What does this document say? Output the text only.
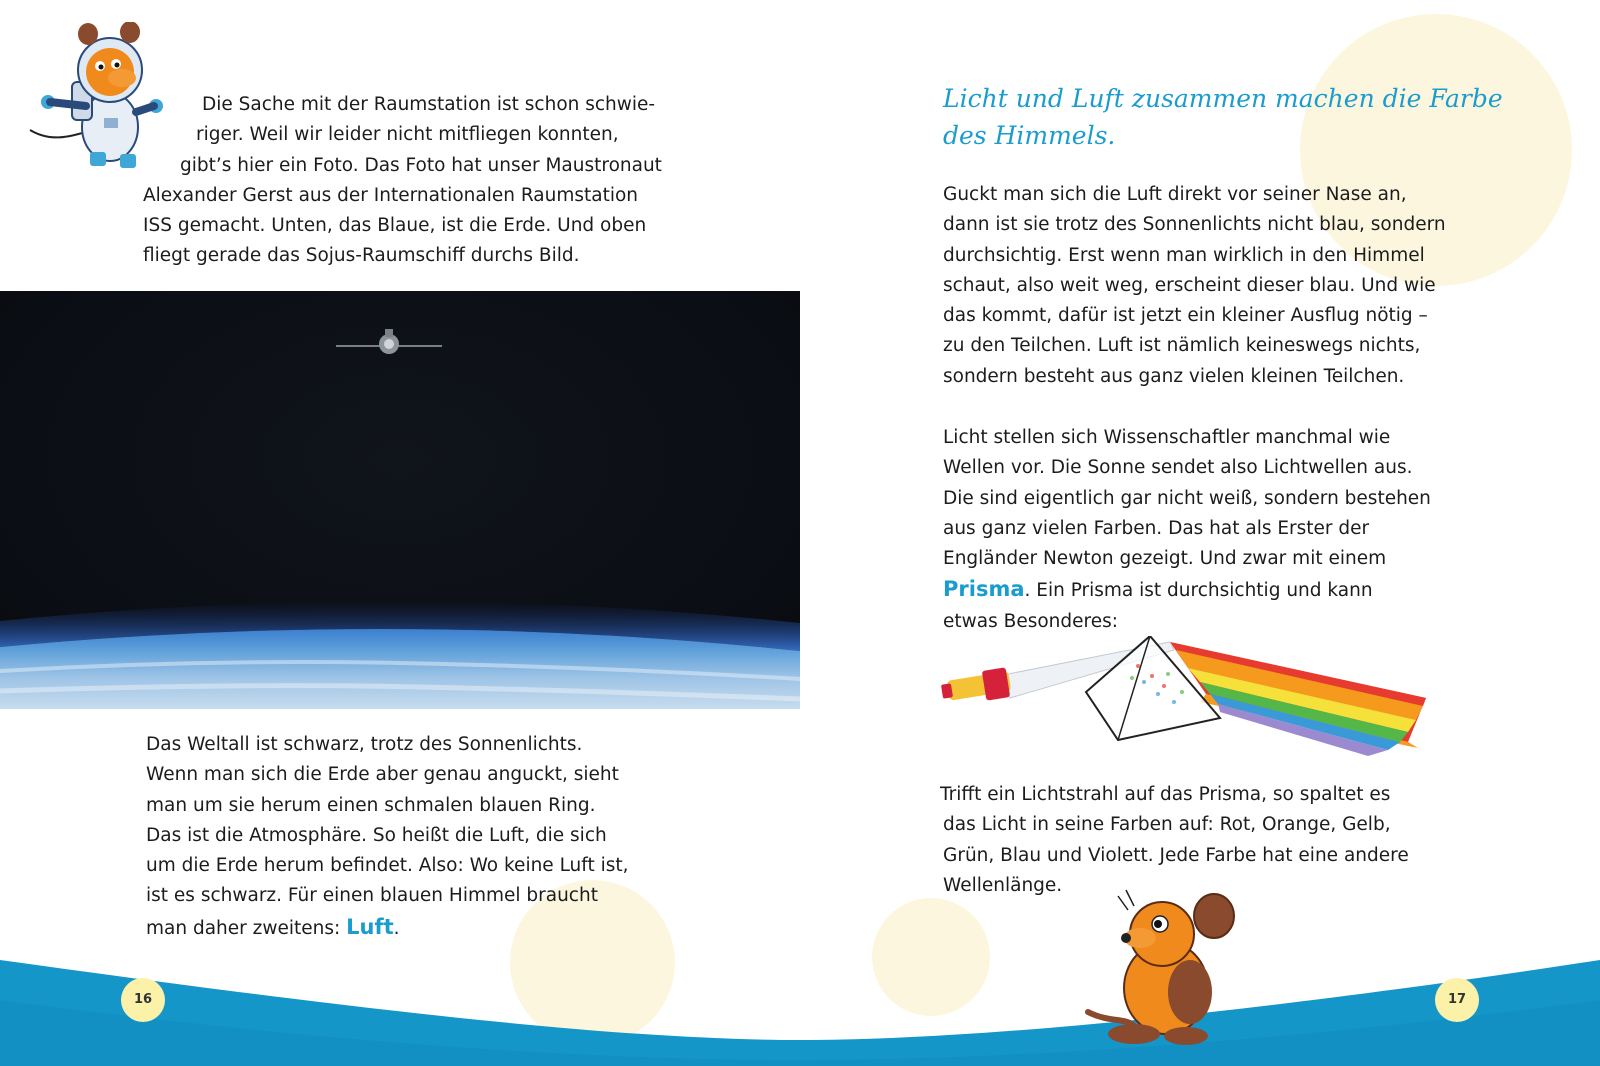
Die Sache mit der Raumstation ist schon schwie-
riger. Weil wir leider nicht mitfliegen konnten,
gibt’s hier ein Foto. Das Foto hat unser Maustronaut
Alexander Gerst aus der Internationalen Raumstation
ISS gemacht. Unten, das Blaue, ist die Erde. Und oben
fliegt gerade das Sojus-Raumschiff durchs Bild.
Das Weltall ist schwarz, trotz des Sonnenlichts.
Wenn man sich die Erde aber genau anguckt, sieht
man um sie herum einen schmalen blauen Ring.
Das ist die Atmosphäre. So heißt die Luft, die sich
um die Erde herum befindet. Also: Wo keine Luft ist,
ist es schwarz. Für einen blauen Himmel braucht
man daher zweitens: Luft.
16
Licht und Luft zusammen machen die Farbe
des Himmels.
Guckt man sich die Luft direkt vor seiner Nase an,
dann ist sie trotz des Sonnenlichts nicht blau, sondern
durchsichtig. Erst wenn man wirklich in den Himmel
schaut, also weit weg, erscheint dieser blau. Und wie
das kommt, dafür ist jetzt ein kleiner Ausflug nötig –
zu den Teilchen. Luft ist nämlich keineswegs nichts,
sondern besteht aus ganz vielen kleinen Teilchen.
Licht stellen sich Wissenschaftler manchmal wie
Wellen vor. Die Sonne sendet also Lichtwellen aus.
Die sind eigentlich gar nicht weiß, sondern bestehen
aus ganz vielen Farben. Das hat als Erster der
Engländer Newton gezeigt. Und zwar mit einem
Prisma. Ein Prisma ist durchsichtig und kann
etwas Besonderes:
Trifft ein Lichtstrahl auf das Prisma, so spaltet es
das Licht in seine Farben auf: Rot, Orange, Gelb,
Grün, Blau und Violett. Jede Farbe hat eine andere
Wellenlänge.
17
